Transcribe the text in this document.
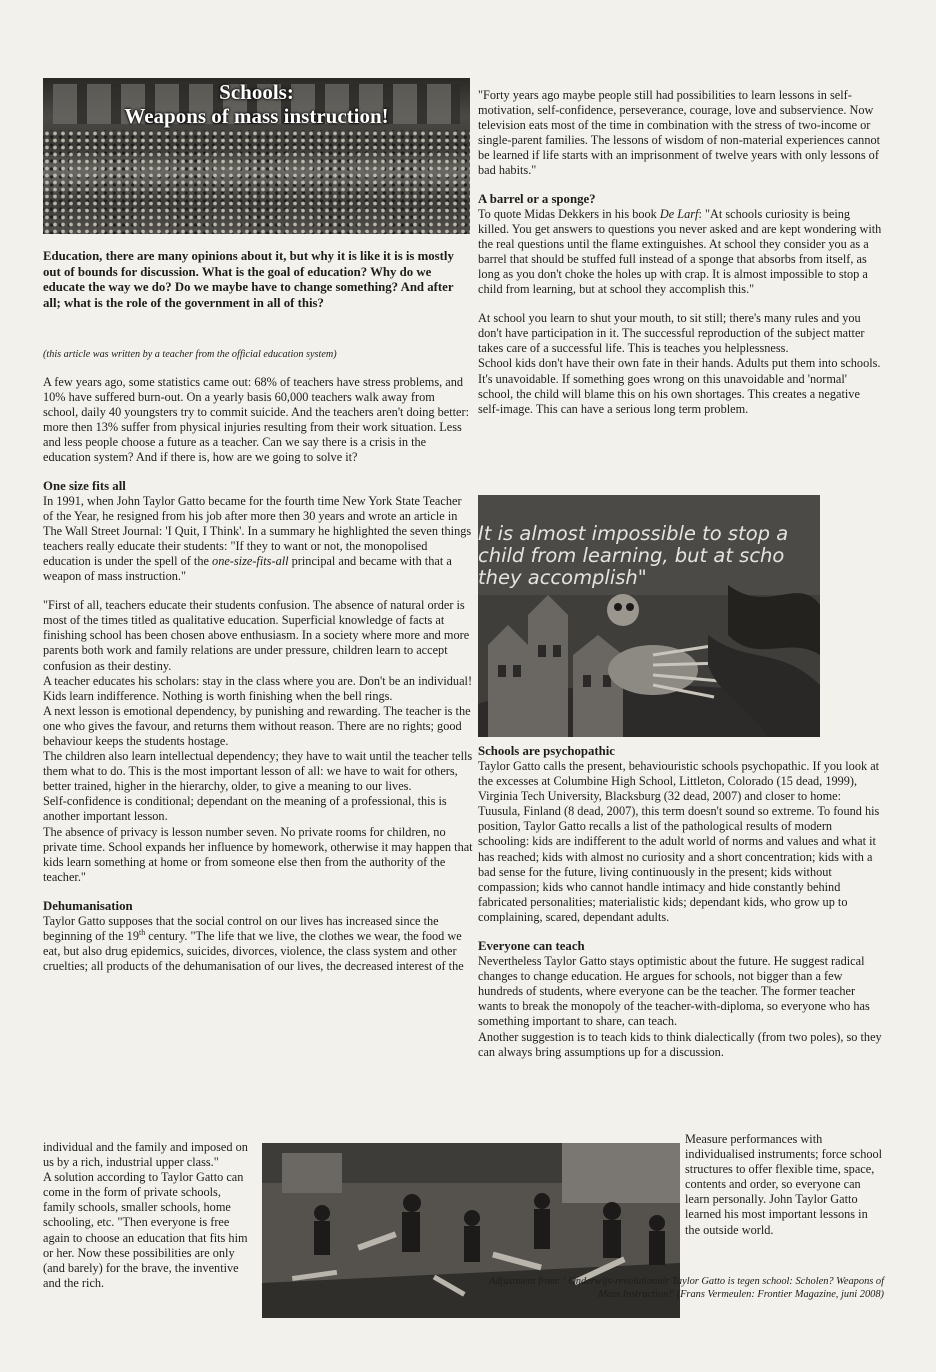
Schools:
Weapons of mass instruction!

Education, there are many opinions about it, but why it is like it is is mostly out of bounds for discussion. What is the goal of education? Why do we educate the way we do? Do we maybe have to change something? And after all; what is the role of the government in all of this?

(this article was written by a teacher from the official education system)

A few years ago, some statistics came out: 68% of teachers have stress problems, and 10% have suffered burn-out. On a yearly basis 60,000 teachers walk away from school, daily 40 youngsters try to commit suicide. And the teachers aren't doing better: more then 13% suffer from physical injuries resulting from their work situation. Less and less people choose a future as a teacher. Can we say there is a crisis in the education system? And if there is, how are we going to solve it?

One size fits all

In 1991, when John Taylor Gatto became for the fourth time New York State Teacher of the Year, he resigned from his job after more then 30 years and wrote an article in The Wall Street Journal: 'I Quit, I Think'. In a summary he highlighted the seven things teachers really educate their students: "If they to want or not, the monopolised education is under the spell of the one-size-fits-all principal and became with that a weapon of mass instruction."

"First of all, teachers educate their students confusion. The absence of natural order is most of the times titled as qualitative education. Superficial knowledge of facts at finishing school has been chosen above enthusiasm. In a society where more and more parents both work and family relations are under pressure, children learn to accept confusion as their destiny.

A teacher educates his scholars: stay in the class where you are. Don't be an individual!

Kids learn indifference. Nothing is worth finishing when the bell rings.

A next lesson is emotional dependency, by punishing and rewarding. The teacher is the one who gives the favour, and returns them without reason. There are no rights; good behaviour keeps the students hostage.

The children also learn intellectual dependency; they have to wait until the teacher tells them what to do. This is the most important lesson of all: we have to wait for others, better trained, higher in the hierarchy, older, to give a meaning to our lives.

Self-confidence is conditional; dependant on the meaning of a professional, this is another important lesson.

The absence of privacy is lesson number seven. No private rooms for children, no private time. School expands her influence by homework, otherwise it may happen that kids learn something at home or from someone else then from the authority of the teacher."

Dehumanisation

Taylor Gatto supposes that the social control on our lives has increased since the beginning of the 19th century. "The life that we live, the clothes we wear, the food we eat, but also drug epidemics, suicides, divorces, violence, the class system and other cruelties; all products of the dehumanisation of our lives, the decreased interest of the

individual and the family and imposed on us by a rich, industrial upper class."

A solution according to Taylor Gatto can come in the form of private schools, family schools, smaller schools, home schooling, etc. "Then everyone is free again to choose an education that fits him or her. Now these possibilities are only (and barely) for the brave, the inventive and the rich.

"Forty years ago maybe people still had possibilities to learn lessons in self-motivation, self-confidence, perseverance, courage, love and subservience. Now television eats most of the time in combination with the stress of two-income or single-parent families. The lessons of wisdom of non-material experiences cannot be learned if life starts with an imprisonment of twelve years with only lessons of bad habits."

A barrel or a sponge?

To quote Midas Dekkers in his book De Larf: "At schools curiosity is being killed. You get answers to questions you never asked and are kept wondering with the real questions until the flame extinguishes. At school they consider you as a barrel that should be stuffed full instead of a sponge that absorbs from itself, as long as you don't choke the holes up with crap. It is almost impossible to stop a child from learning, but at school they accomplish this."

At school you learn to shut your mouth, to sit still; there's many rules and you don't have participation in it. The successful reproduction of the subject matter takes care of a successful life. This is teaches you helplessness.

School kids don't have their own fate in their hands. Adults put them into schools. It's unavoidable. If something goes wrong on this unavoidable and 'normal' school, the child will blame this on his own shortages. This creates a negative self-image. This can have a serious long term problem.

It is almost impossible to stop a
child from learning, but at scho
they accomplish"

Schools are psychopathic

Taylor Gatto calls the present, behaviouristic schools psychopathic. If you look at the excesses at Columbine High School, Littleton, Colorado (15 dead, 1999), Virginia Tech University, Blacksburg (32 dead, 2007) and closer to home: Tuusula, Finland (8 dead, 2007), this term doesn't sound so extreme. To found his position, Taylor Gatto recalls a list of the pathological results of modern schooling: kids are indifferent to the adult world of norms and values and what it has reached; kids with almost no curiosity and a short concentration; kids with a bad sense for the future, living continuously in the present; kids without compassion; kids who cannot handle intimacy and hide constantly behind fabricated personalities; materialistic kids; dependant kids, who grow up to complaining, scared, dependant adults.

Everyone can teach

Nevertheless Taylor Gatto stays optimistic about the future. He suggest radical changes to change education. He argues for schools, not bigger than a few hundreds of students, where everyone can be the teacher. The former teacher wants to break the monopoly of the teacher-with-diploma, so everyone who has something important to share, can teach.

Another suggestion is to teach kids to think dialectically (from two poles), so they can always bring assumptions up for a discussion.

Measure performances with individualised instruments; force school structures to offer flexible time, space, contents and order, so everyone can learn personally. John Taylor Gatto learned his most important lessons in the outside world.

Adjustment from: ' Onderwijs-revolutionair Taylor Gatto is tegen school: Scholen? Weapons of Mass Instruction!' (Frans Vermeulen: Frontier Magazine, juni 2008)
